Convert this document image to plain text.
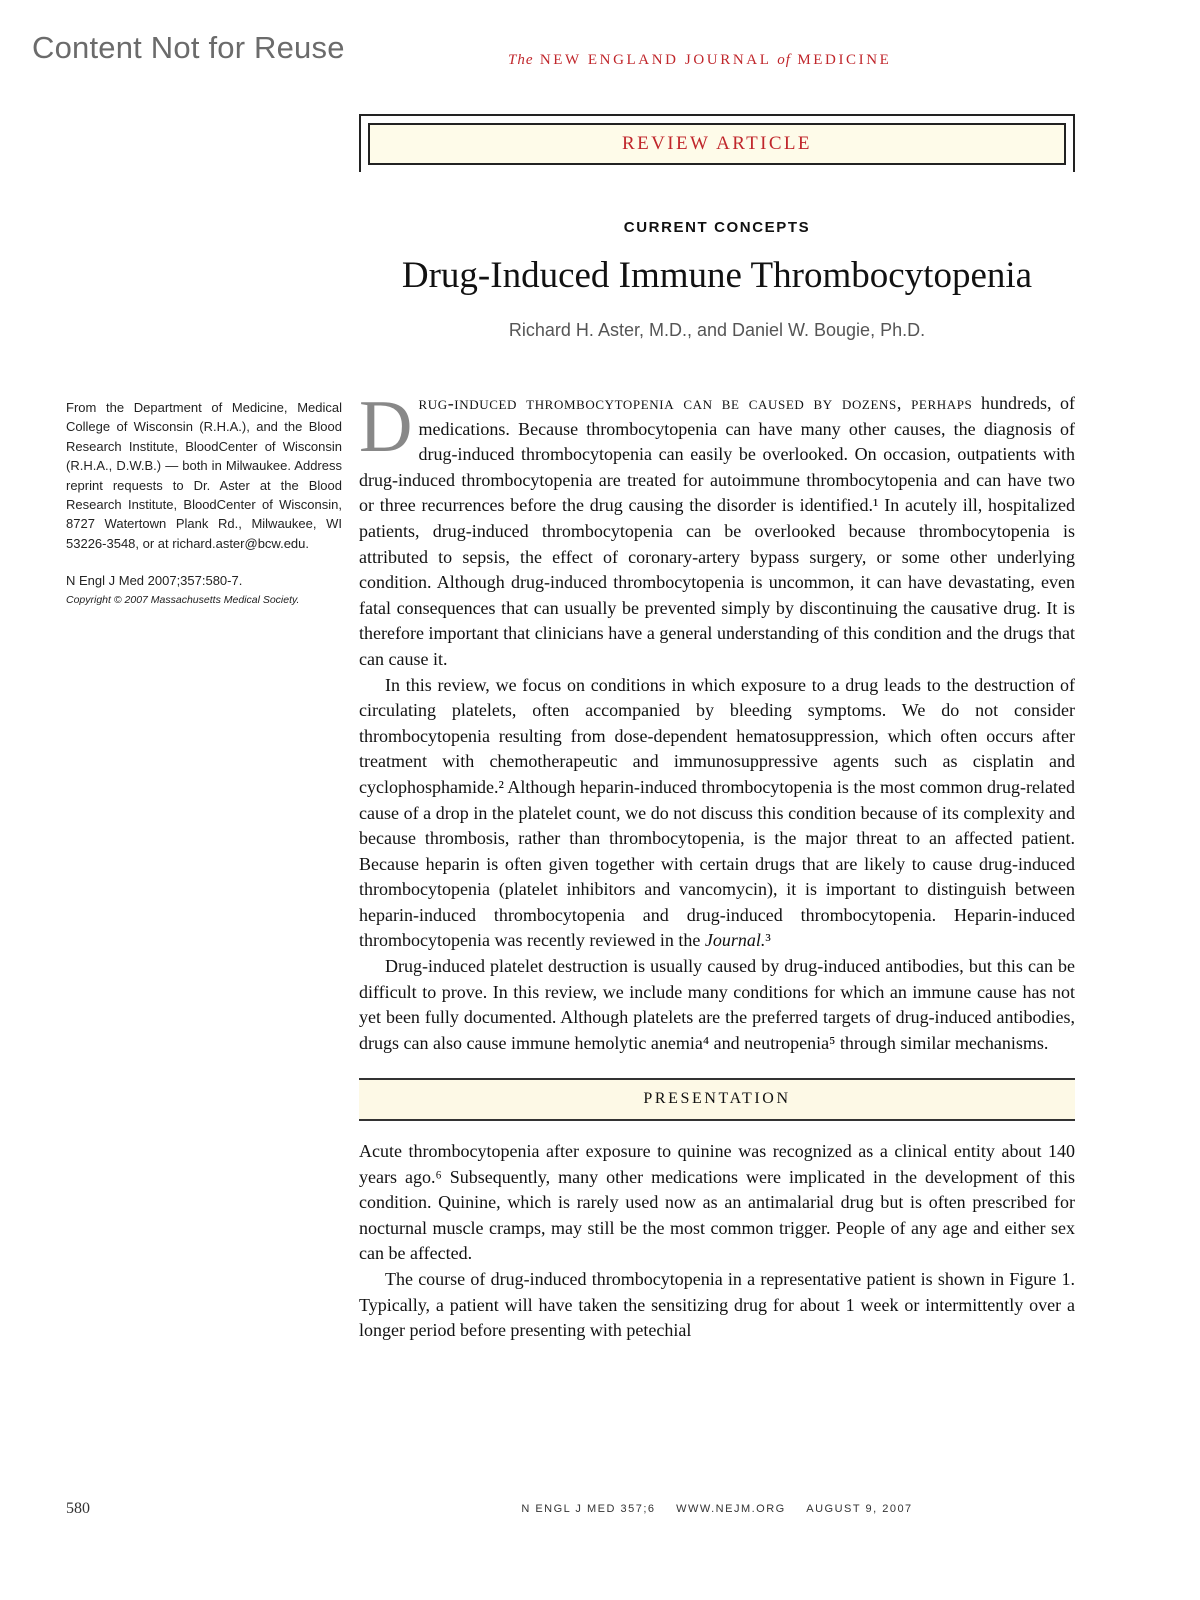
Content Not for Reuse	The NEW ENGLAND JOURNAL of MEDICINE
REVIEW ARTICLE
CURRENT CONCEPTS
Drug-Induced Immune Thrombocytopenia
Richard H. Aster, M.D., and Daniel W. Bougie, Ph.D.

From the Department of Medicine, Medical College of Wisconsin (R.H.A.), and the Blood Research Institute, BloodCenter of Wisconsin (R.H.A., D.W.B.) — both in Milwaukee. Address reprint requests to Dr. Aster at the Blood Research Institute, BloodCenter of Wisconsin, 8727 Watertown Plank Rd., Milwaukee, WI 53226-3548, or at richard.aster@bcw.edu.

N Engl J Med 2007;357:580-7.

Copyright © 2007 Massachusetts Medical Society.

Drug-induced thrombocytopenia can be caused by dozens, perhaps hundreds, of medications. Because thrombocytopenia can have many other causes, the diagnosis of drug-induced thrombocytopenia can easily be overlooked. On occasion, outpatients with drug-induced thrombocytopenia are treated for autoimmune thrombocytopenia and can have two or three recurrences before the drug causing the disorder is identified.¹ In acutely ill, hospitalized patients, drug-induced thrombocytopenia can be overlooked because thrombocytopenia is attributed to sepsis, the effect of coronary-artery bypass surgery, or some other underlying condition. Although drug-induced thrombocytopenia is uncommon, it can have devastating, even fatal consequences that can usually be prevented simply by discontinuing the causative drug. It is therefore important that clinicians have a general understanding of this condition and the drugs that can cause it.

In this review, we focus on conditions in which exposure to a drug leads to the destruction of circulating platelets, often accompanied by bleeding symptoms. We do not consider thrombocytopenia resulting from dose-dependent hematosuppression, which often occurs after treatment with chemotherapeutic and immunosuppressive agents such as cisplatin and cyclophosphamide.² Although heparin-induced thrombocytopenia is the most common drug-related cause of a drop in the platelet count, we do not discuss this condition because of its complexity and because thrombosis, rather than thrombocytopenia, is the major threat to an affected patient. Because heparin is often given together with certain drugs that are likely to cause drug-induced thrombocytopenia (platelet inhibitors and vancomycin), it is important to distinguish between heparin-induced thrombocytopenia and drug-induced thrombocytopenia. Heparin-induced thrombocytopenia was recently reviewed in the Journal.³

Drug-induced platelet destruction is usually caused by drug-induced antibodies, but this can be difficult to prove. In this review, we include many conditions for which an immune cause has not yet been fully documented. Although platelets are the preferred targets of drug-induced antibodies, drugs can also cause immune hemolytic anemia⁴ and neutropenia⁵ through similar mechanisms.

PRESENTATION

Acute thrombocytopenia after exposure to quinine was recognized as a clinical entity about 140 years ago.⁶ Subsequently, many other medications were implicated in the development of this condition. Quinine, which is rarely used now as an antimalarial drug but is often prescribed for nocturnal muscle cramps, may still be the most common trigger. People of any age and either sex can be affected.

The course of drug-induced thrombocytopenia in a representative patient is shown in Figure 1. Typically, a patient will have taken the sensitizing drug for about 1 week or intermittently over a longer period before presenting with petechial

580	N ENGL J MED 357;6 WWW.NEJM.ORG AUGUST 9, 2007
